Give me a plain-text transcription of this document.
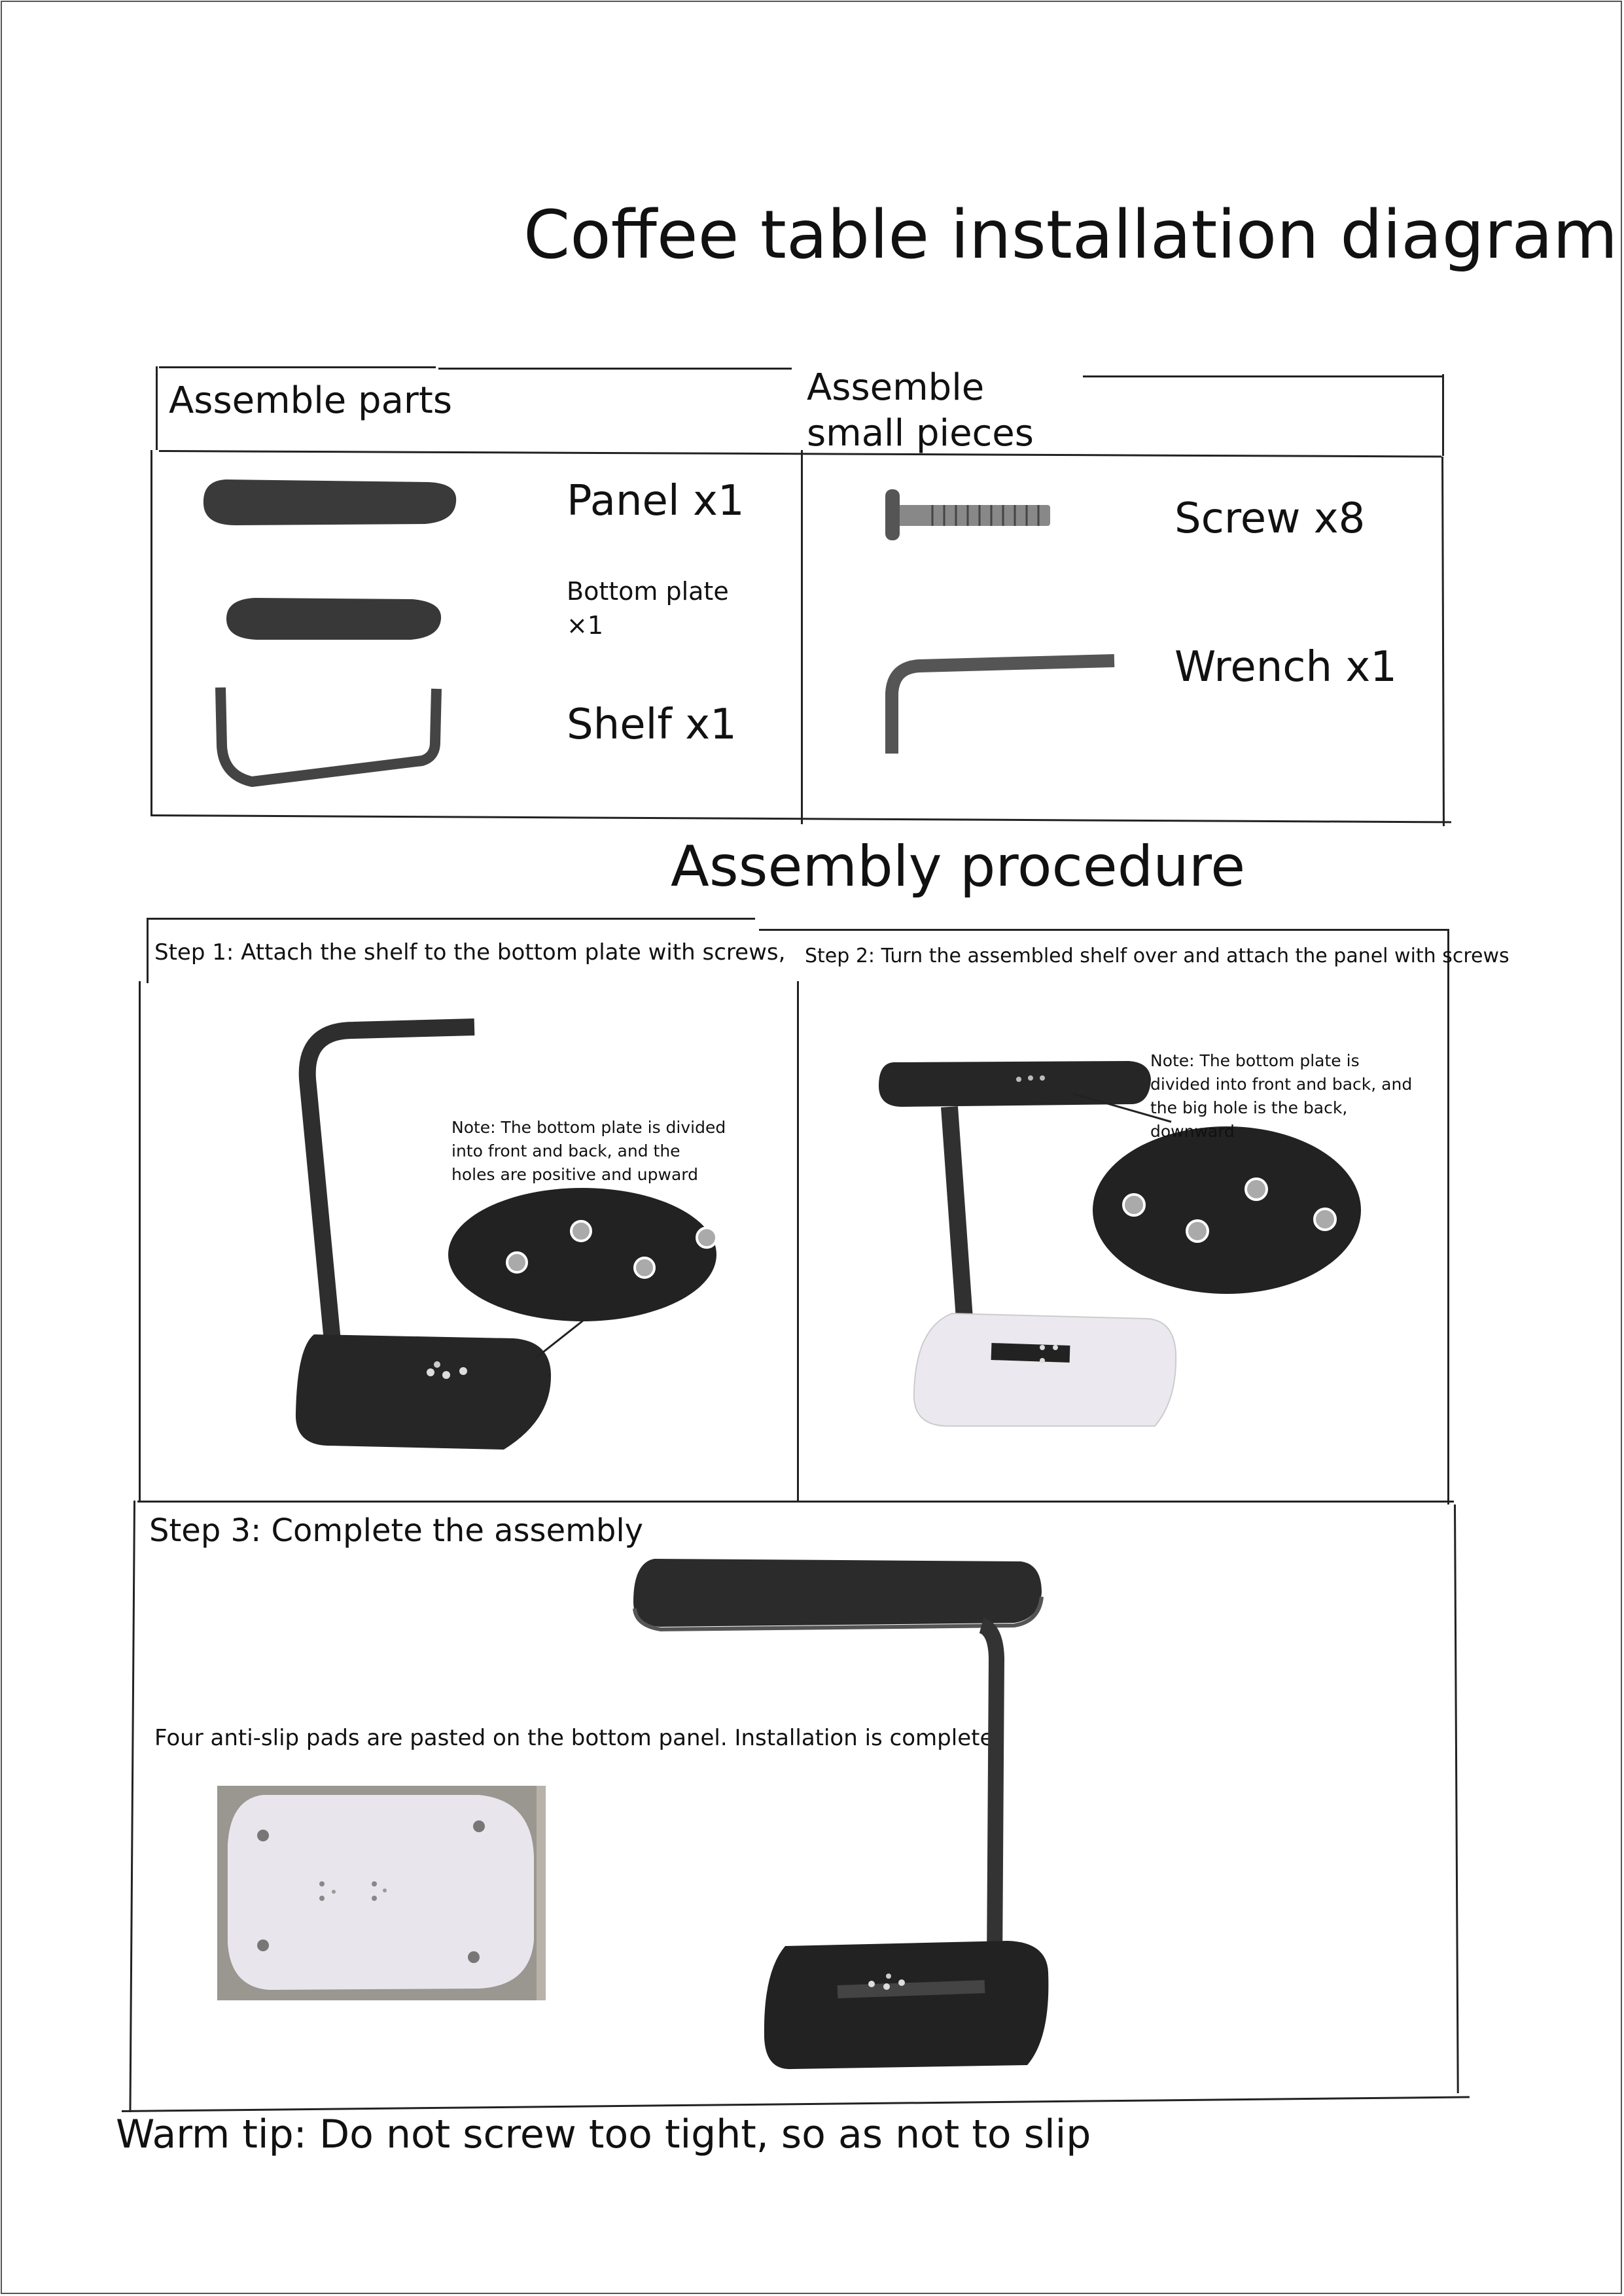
Coffee table installation diagram
Assemble parts	Assemble small pieces
Panel x1
Bottom plate ×1
Shelf x1
Screw x8
Wrench x1
Assembly procedure
Step 1: Attach the shelf to the bottom plate with screws,
Note: The bottom plate is divided into front and back, and the holes are positive and upward
Step 2: Turn the assembled shelf over and attach the panel with screws
Note: The bottom plate is divided into front and back, and the big hole is the back, downward
Step 3: Complete the assembly
Four anti-slip pads are pasted on the bottom panel. Installation is complete
Warm tip: Do not screw too tight, so as not to slip
